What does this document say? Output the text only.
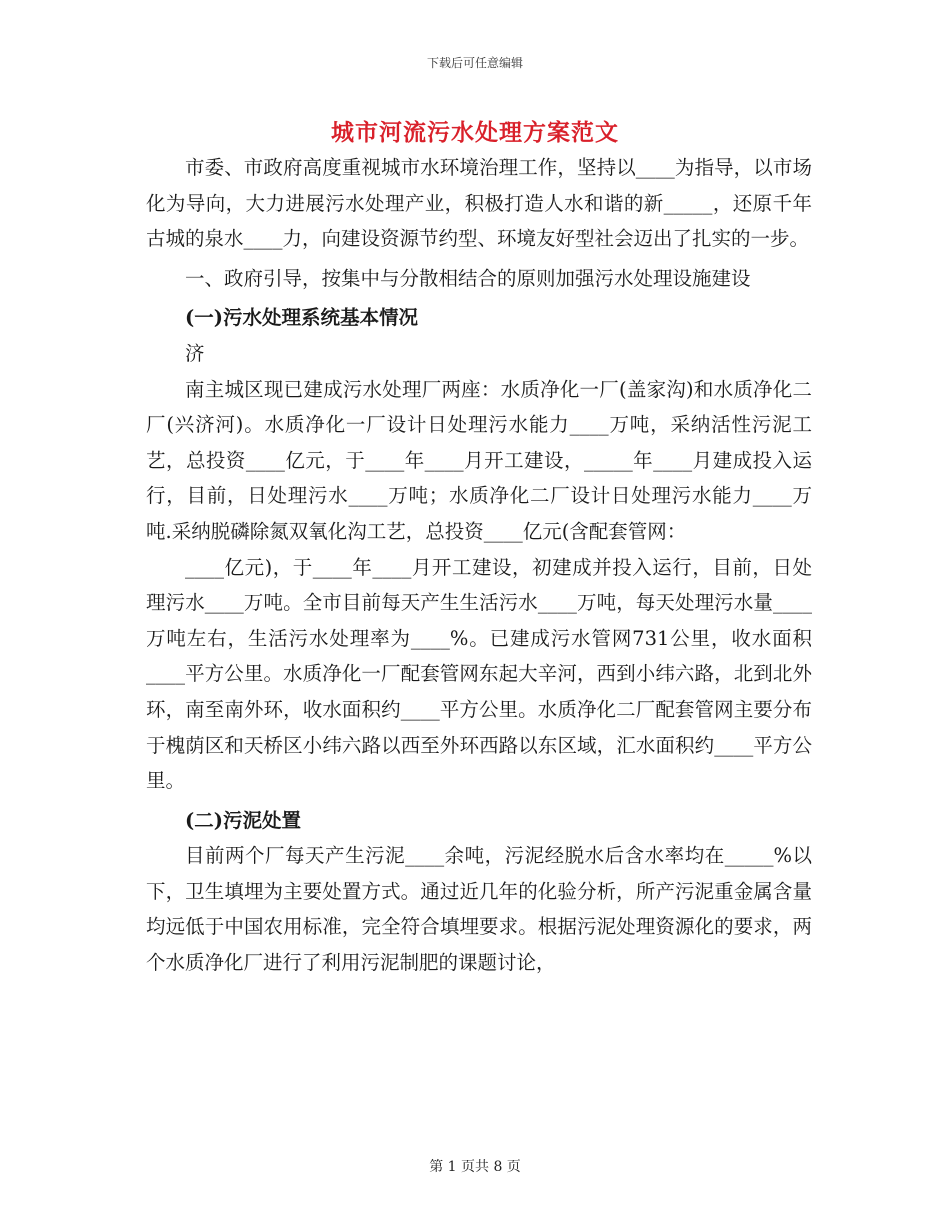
下载后可任意编辑
城市河流污水处理方案范文

市委、市政府高度重视城市水环境治理工作，坚持以____为指导，以市场化为导向，大力进展污水处理产业，积极打造人水和谐的新_____，还原千年古城的泉水____力，向建设资源节约型、环境友好型社会迈出了扎实的一步。

一、政府引导，按集中与分散相结合的原则加强污水处理设施建设

(一)污水处理系统基本情况

济

南主城区现已建成污水处理厂两座：水质净化一厂(盖家沟)和水质净化二厂(兴济河)。水质净化一厂设计日处理污水能力____万吨，采纳活性污泥工艺，总投资____亿元，于____年____月开工建设，_____年____月建成投入运行，目前，日处理污水____万吨；水质净化二厂设计日处理污水能力____万吨.采纳脱磷除氮双氧化沟工艺，总投资____亿元(含配套管网：

____亿元)，于____年____月开工建设，初建成并投入运行，目前，日处理污水____万吨。全市目前每天产生生活污水____万吨，每天处理污水量____万吨左右，生活污水处理率为____%。已建成污水管网731公里，收水面积____平方公里。水质净化一厂配套管网东起大辛河，西到小纬六路，北到北外环，南至南外环，收水面积约____平方公里。水质净化二厂配套管网主要分布于槐荫区和天桥区小纬六路以西至外环西路以东区域，汇水面积约____平方公里。

(二)污泥处置

目前两个厂每天产生污泥____余吨，污泥经脱水后含水率均在_____%以下，卫生填埋为主要处置方式。通过近几年的化验分析，所产污泥重金属含量均远低于中国农用标准，完全符合填埋要求。根据污泥处理资源化的要求，两个水质净化厂进行了利用污泥制肥的课题讨论，

第 1 页共 8 页
